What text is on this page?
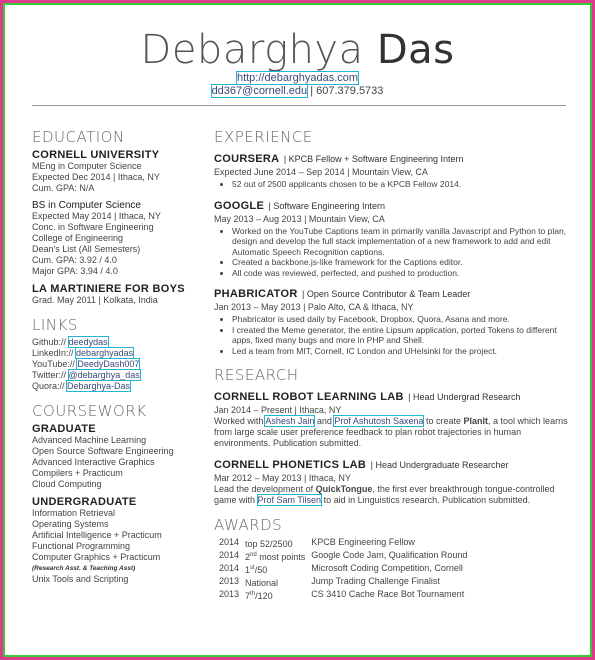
Debarghya Das
http://debarghyadas.com
dd367@cornell.edu | 607.379.5733
EDUCATION
CORNELL UNIVERSITY
MEng in Computer Science
Expected Dec 2014 | Ithaca, NY
Cum. GPA: N/A
BS in Computer Science
Expected May 2014 | Ithaca, NY
Conc. in Software Engineering
College of Engineering
Dean's List (All Semesters)
Cum. GPA: 3.92 / 4.0
Major GPA: 3.94 / 4.0
LA MARTINIERE FOR BOYS
Grad. May 2011 | Kolkata, India
LINKS
Github:// deedydas
LinkedIn:// debarghyadas
YouTube:// DeedyDash007
Twitter:// @debarghya_das
Quora:// Debarghya-Das
COURSEWORK
GRADUATE
Advanced Machine Learning
Open Source Software Engineering
Advanced Interactive Graphics
Compilers + Practicum
Cloud Computing
UNDERGRADUATE
Information Retrieval
Operating Systems
Artificial Intelligence + Practicum
Functional Programming
Computer Graphics + Practicum
(Research Asst. & Teaching Asst)
Unix Tools and Scripting
EXPERIENCE
COURSERA | KPCB Fellow + Software Engineering Intern
Expected June 2014 – Sep 2014 | Mountain View, CA
• 52 out of 2500 applicants chosen to be a KPCB Fellow 2014.
GOOGLE | Software Engineering Intern
May 2013 – Aug 2013 | Mountain View, CA
• Worked on the YouTube Captions team in primarily vanilla Javascript and Python to plan, design and develop the full stack implementation of a new framework to add and edit Automatic Speech Recognition captions.
• Created a backbone.js-like framework for the Captions editor.
• All code was reviewed, perfected, and pushed to production.
PHABRICATOR | Open Source Contributor & Team Leader
Jan 2013 – May 2013 | Palo Alto, CA & Ithaca, NY
• Phabricator is used daily by Facebook, Dropbox, Quora, Asana and more.
• I created the Meme generator, the entire Lipsum application, ported Tokens to different apps, fixed many bugs and more in PHP and Shell.
• Led a team from MIT, Cornell, IC London and UHelsinki for the project.
RESEARCH
CORNELL ROBOT LEARNING LAB | Head Undergrad Research
Jan 2014 – Present | Ithaca, NY
Worked with Ashesh Jain and Prof Ashutosh Saxena to create PlanIt, a tool which learns from large scale user preference feedback to plan robot trajectories in human environments. Publication submitted.
CORNELL PHONETICS LAB | Head Undergraduate Researcher
Mar 2012 – May 2013 | Ithaca, NY
Lead the development of QuickTongue, the first ever breakthrough tongue-controlled game with Prof Sam Tilsen to aid in Linguistics research. Publication submitted.
AWARDS
2014	top 52/2500	KPCB Engineering Fellow
2014	2nd most points	Google Code Jam, Qualification Round
2014	1st/50	Microsoft Coding Competition, Cornell
2013	National	Jump Trading Challenge Finalist
2013	7th/120	CS 3410 Cache Race Bot Tournament
